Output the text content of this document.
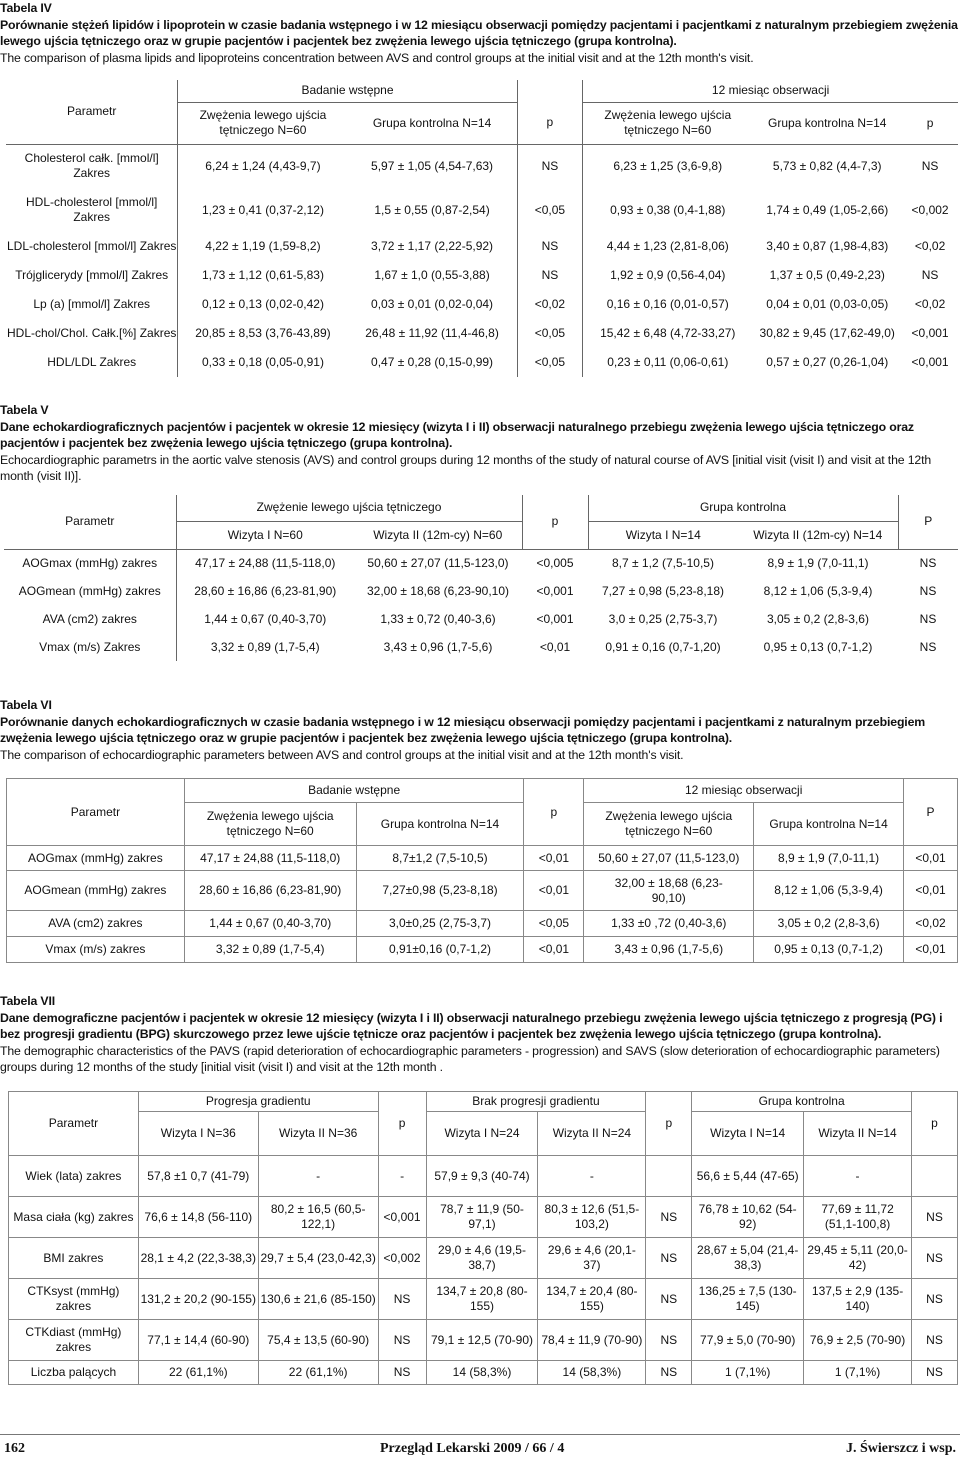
Tabela IV
Porównanie stężeń lipidów i lipoprotein w czasie badania wstępnego i w 12 miesiącu obserwacji pomiędzy pacjentami i pacjentkami z naturalnym przebiegiem zwężenia lewego ujścia tętniczego oraz w grupie pacjentów i pacjentek bez zwężenia lewego ujścia tętniczego (grupa kontrolna).
The comparison of plasma lipids and lipoproteins concentration between AVS and control groups at the initial visit and at the 12th month's visit.
Parametr	Badanie wstępne			12 miesiąc obserwacji		
	Zwężenia lewego ujścia tętniczego N=60	Grupa kontrolna N=14	p	Zwężenia lewego ujścia tętniczego N=60	Grupa kontrolna N=14	p
Cholesterol całk. [mmol/l] Zakres	6,24 ± 1,24 (4,43-9,7)	5,97 ± 1,05 (4,54-7,63)	NS	6,23 ± 1,25 (3,6-9,8)	5,73 ± 0,82 (4,4-7,3)	NS
HDL-cholesterol [mmol/l] Zakres	1,23 ± 0,41 (0,37-2,12)	1,5 ± 0,55 (0,87-2,54)	<0,05	0,93 ± 0,38 (0,4-1,88)	1,74 ± 0,49 (1,05-2,66)	<0,002
LDL-cholesterol [mmol/l] Zakres	4,22 ± 1,19 (1,59-8,2)	3,72 ± 1,17 (2,22-5,92)	NS	4,44 ± 1,23 (2,81-8,06)	3,40 ± 0,87 (1,98-4,83)	<0,02
Trójglicerydy [mmol/l] Zakres	1,73 ± 1,12 (0,61-5,83)	1,67 ± 1,0 (0,55-3,88)	NS	1,92 ± 0,9 (0,56-4,04)	1,37 ± 0,5 (0,49-2,23)	NS
Lp (a) [mmol/l] Zakres	0,12 ± 0,13 (0,02-0,42)	0,03 ± 0,01 (0,02-0,04)	<0,02	0,16 ± 0,16 (0,01-0,57)	0,04 ± 0,01 (0,03-0,05)	<0,02
HDL-chol/Chol. Całk.[%] Zakres	20,85 ± 8,53 (3,76-43,89)	26,48 ± 11,92 (11,4-46,8)	<0,05	15,42 ± 6,48 (4,72-33,27)	30,82 ± 9,45 (17,62-49,0)	<0,001
HDL/LDL Zakres	0,33 ± 0,18 (0,05-0,91)	0,47 ± 0,28 (0,15-0,99)	<0,05	0,23 ± 0,11 (0,06-0,61)	0,57 ± 0,27 (0,26-1,04)	<0,001
Tabela V
Dane echokardiograficznych pacjentów i pacjentek w okresie 12 miesięcy (wizyta I i II) obserwacji naturalnego przebiegu zwężenia lewego ujścia tętniczego oraz pacjentów i pacjentek bez zwężenia lewego ujścia tętniczego (grupa kontrolna).
Echocardiographic parametrs in the aortic valve stenosis (AVS) and control groups during 12 months of the study of natural course of AVS [initial visit (visit I) and visit at the 12th month (visit II)].
Parametr	Zwężenie lewego ujścia tętniczego		p	Grupa kontrolna		P
	Wizyta I N=60	Wizyta II (12m-cy) N=60		Wizyta I N=14	Wizyta II (12m-cy) N=14	
AOGmax (mmHg) zakres	47,17 ± 24,88 (11,5-118,0)	50,60 ± 27,07 (11,5-123,0)	<0,005	8,7 ± 1,2 (7,5-10,5)	8,9 ± 1,9 (7,0-11,1)	NS
AOGmean (mmHg) zakres	28,60 ± 16,86 (6,23-81,90)	32,00 ± 18,68 (6,23-90,10)	<0,001	7,27 ± 0,98 (5,23-8,18)	8,12 ± 1,06 (5,3-9,4)	NS
AVA (cm2) zakres	1,44 ± 0,67 (0,40-3,70)	1,33 ± 0,72 (0,40-3,6)	<0,001	3,0 ± 0,25 (2,75-3,7)	3,05 ± 0,2 (2,8-3,6)	NS
Vmax (m/s) Zakres	3,32 ± 0,89 (1,7-5,4)	3,43 ± 0,96 (1,7-5,6)	<0,01	0,91 ± 0,16 (0,7-1,20)	0,95 ± 0,13 (0,7-1,2)	NS
Tabela VI
Porównanie danych echokardiograficznych w czasie badania wstępnego i w 12 miesiącu obserwacji pomiędzy pacjentami i pacjentkami z naturalnym przebiegiem zwężenia lewego ujścia tętniczego oraz w grupie pacjentów i pacjentek bez zwężenia lewego ujścia tętniczego (grupa kontrolna).
The comparison of echocardiographic parameters between AVS and control groups at the initial visit and at the 12th month's visit.
Parametr	Badanie wstępne		p	12 miesiąc obserwacji		P
	Zwężenia lewego ujścia tętniczego N=60	Grupa kontrolna N=14		Zwężenia lewego ujścia tętniczego N=60	Grupa kontrolna N=14	
AOGmax (mmHg) zakres	47,17 ± 24,88 (11,5-118,0)	8,7±1,2 (7,5-10,5)	<0,01	50,60 ± 27,07 (11,5-123,0)	8,9 ± 1,9 (7,0-11,1)	<0,01
AOGmean (mmHg) zakres	28,60 ± 16,86 (6,23-81,90)	7,27±0,98 (5,23-8,18)	<0,01	32,00 ± 18,68 (6,23-90,10)	8,12 ± 1,06 (5,3-9,4)	<0,01
AVA (cm2) zakres	1,44 ± 0,67 (0,40-3,70)	3,0±0,25 (2,75-3,7)	<0,05	1,33 ±0 ,72 (0,40-3,6)	3,05 ± 0,2 (2,8-3,6)	<0,02
Vmax (m/s) zakres	3,32 ± 0,89 (1,7-5,4)	0,91±0,16 (0,7-1,2)	<0,01	3,43 ± 0,96 (1,7-5,6)	0,95 ± 0,13 (0,7-1,2)	<0,01
Tabela VII
Dane demograficzne pacjentów i pacjentek w okresie 12 miesięcy (wizyta I i II) obserwacji naturalnego przebiegu zwężenia lewego ujścia tętniczego z progresją (PG) i bez progresji gradientu (BPG) skurczowego przez lewe ujście tętnicze oraz pacjentów i pacjentek bez zwężenia lewego ujścia tętniczego (grupa kontrolna).
The demographic characteristics of the PAVS (rapid deterioration of echocardiographic parameters - progression) and SAVS (slow deterioration of echocardiographic parameters) groups during 12 months of the study [initial visit (visit I) and visit at the 12th month .
Parametr	Progresja gradientu		p	Brak progresji gradientu		p	Grupa kontrolna		p
	Wizyta I N=36	Wizyta II N=36		Wizyta I N=24	Wizyta II N=24		Wizyta I N=14	Wizyta II N=14	
Wiek (lata) zakres	57,8 ±1 0,7 (41-79)	-	-	57,9 ± 9,3 (40-74)	-		56,6 ± 5,44 (47-65)	-	
Masa ciała (kg) zakres	76,6 ± 14,8 (56-110)	80,2 ± 16,5 (60,5-122,1)	<0,001	78,7 ± 11,9 (50-97,1)	80,3 ± 12,6 (51,5-103,2)	NS	76,78 ± 10,62 (54-92)	77,69 ± 11,72 (51,1-100,8)	NS
BMI zakres	28,1 ± 4,2 (22,3-38,3)	29,7 ± 5,4 (23,0-42,3)	<0,002	29,0 ± 4,6 (19,5-38,7)	29,6 ± 4,6 (20,1-37)	NS	28,67 ± 5,04 (21,4-38,3)	29,45 ± 5,11 (20,0-42)	NS
CTKsyst (mmHg) zakres	131,2 ± 20,2 (90-155)	130,6 ± 21,6 (85-150)	NS	134,7 ± 20,8 (80-155)	134,7 ± 20,4 (80-155)	NS	136,25 ± 7,5 (130-145)	137,5 ± 2,9 (135-140)	NS
CTKdiast (mmHg) zakres	77,1 ± 14,4 (60-90)	75,4 ± 13,5 (60-90)	NS	79,1 ± 12,5 (70-90)	78,4 ± 11,9 (70-90)	NS	77,9 ± 5,0 (70-90)	76,9 ± 2,5 (70-90)	NS
Liczba palących	22 (61,1%)	22 (61,1%)	NS	14 (58,3%)	14 (58,3%)	NS	1 (7,1%)	1 (7,1%)	NS
162	Przegląd Lekarski 2009 / 66 / 4	J. Świerszcz i wsp.
